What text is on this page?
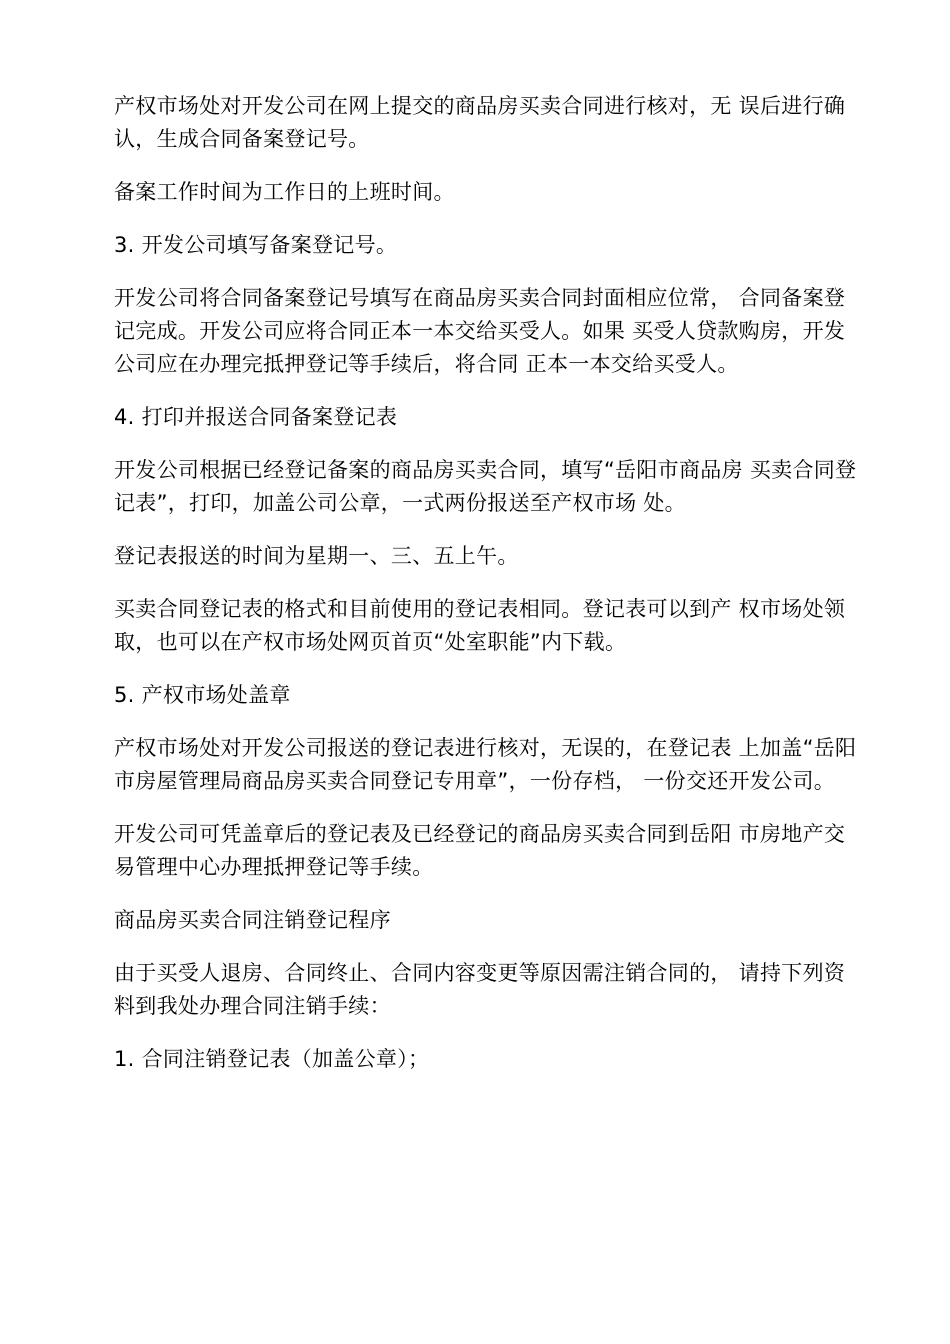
产权市场处对开发公司在网上提交的商品房买卖合同进行核对，无 误后进行确认，生成合同备案登记号。

备案工作时间为工作日的上班时间。

3. 开发公司填写备案登记号。

开发公司将合同备案登记号填写在商品房买卖合同封面相应位常， 合同备案登记完成。开发公司应将合同正本一本交给买受人。如果 买受人贷款购房，开发公司应在办理完抵押登记等手续后，将合同 正本一本交给买受人。

4. 打印并报送合同备案登记表

开发公司根据已经登记备案的商品房买卖合同，填写“岳阳市商品房 买卖合同登记表”，打印，加盖公司公章，一式两份报送至产权市场 处。

登记表报送的时间为星期一、三、五上午。

买卖合同登记表的格式和目前使用的登记表相同。登记表可以到产 权市场处领取，也可以在产权市场处网页首页“处室职能”内下载。

5. 产权市场处盖章

产权市场处对开发公司报送的登记表进行核对，无误的，在登记表 上加盖“岳阳市房屋管理局商品房买卖合同登记专用章”，一份存档， 一份交还开发公司。

开发公司可凭盖章后的登记表及已经登记的商品房买卖合同到岳阳 市房地产交易管理中心办理抵押登记等手续。

商品房买卖合同注销登记程序

由于买受人退房、合同终止、合同内容变更等原因需注销合同的， 请持下列资料到我处办理合同注销手续：

1. 合同注销登记表（加盖公章）；
